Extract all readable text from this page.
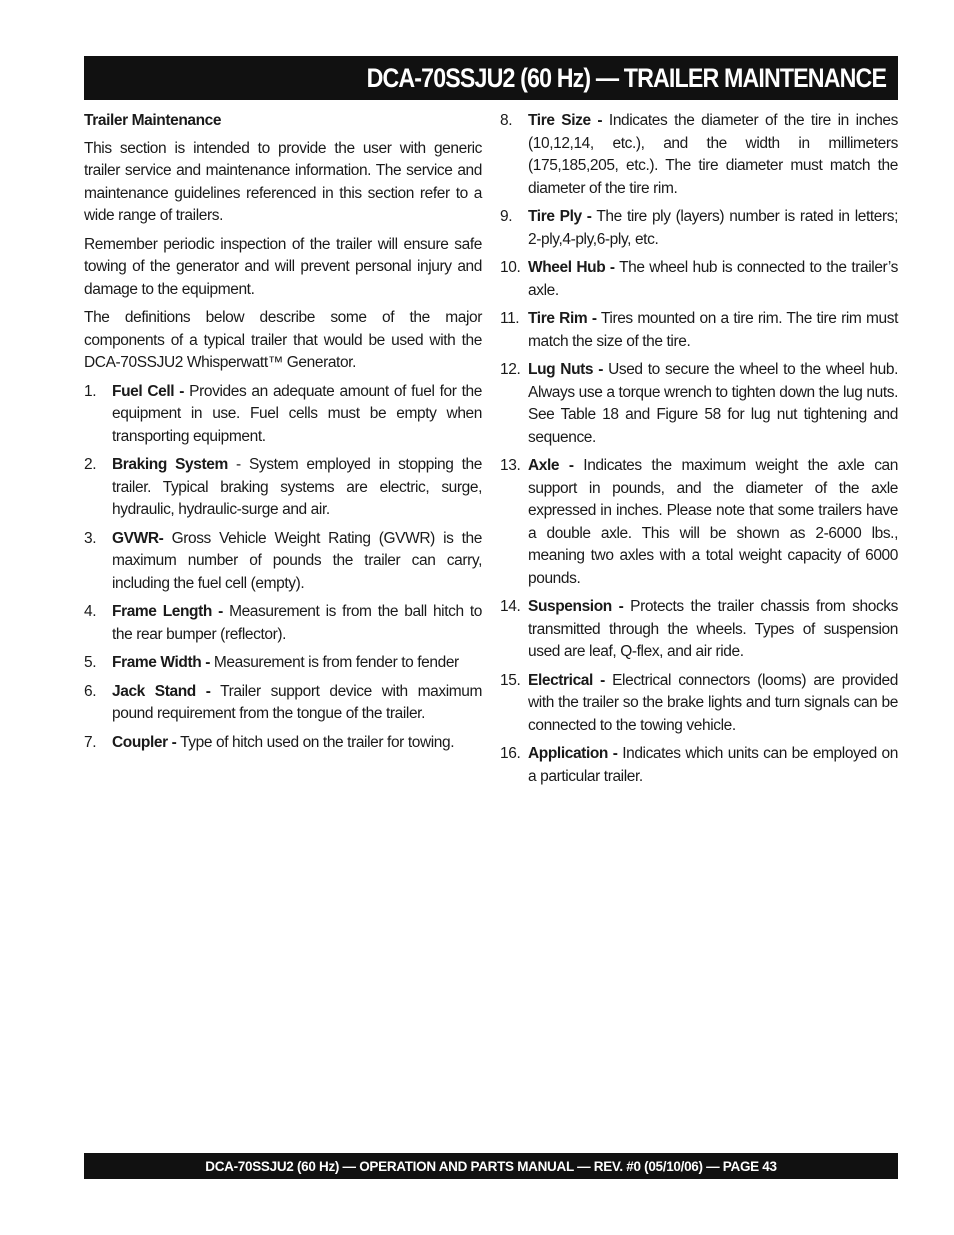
DCA-70SSJU2 (60 Hz) — TRAILER MAINTENANCE
Trailer Maintenance

This section is intended to provide the user with generic trailer service and maintenance information. The service and maintenance guidelines referenced in this section refer to a wide range of trailers.

Remember periodic inspection of the trailer will ensure safe towing of the generator and will prevent personal injury and damage to the equipment.

The definitions below describe some of the major components of a typical trailer that would be used with the DCA-70SSJU2 Whisperwatt™ Generator.

1.	Fuel Cell - Provides an adequate amount of fuel for the equipment in use. Fuel cells must be empty when transporting equipment.
2.	Braking System - System employed in stopping the trailer. Typical braking systems are electric, surge, hydraulic, hydraulic-surge and air.
3.	GVWR- Gross Vehicle Weight Rating (GVWR) is the maximum number of pounds the trailer can carry, including the fuel cell (empty).
4.	Frame Length - Measurement is from the ball hitch to the rear bumper (reflector).
5.	Frame Width - Measurement is from fender to fender
6.	Jack Stand - Trailer support device with maximum pound requirement from the tongue of the trailer.
7.	Coupler - Type of hitch used on the trailer for towing.
8.	Tire Size - Indicates the diameter of the tire in inches (10,12,14, etc.), and the width in millimeters (175,185,205, etc.). The tire diameter must match the diameter of the tire rim.
9.	Tire Ply - The tire ply (layers) number is rated in letters; 2-ply,4-ply,6-ply, etc.
10. Wheel Hub - The wheel hub is connected to the trailer’s axle.
11. Tire Rim - Tires mounted on a tire rim. The tire rim must match the size of the tire.
12. Lug Nuts - Used to secure the wheel to the wheel hub. Always use a torque wrench to tighten down the lug nuts. See Table 18 and Figure 58 for lug nut tightening and sequence.
13. Axle - Indicates the maximum weight the axle can support in pounds, and the diameter of the axle expressed in inches. Please note that some trailers have a double axle. This will be shown as 2-6000 lbs., meaning two axles with a total weight capacity of 6000 pounds.
14. Suspension - Protects the trailer chassis from shocks transmitted through the wheels. Types of suspension used are leaf, Q-flex, and air ride.
15. Electrical - Electrical connectors (looms) are provided with the trailer so the brake lights and turn signals can be connected to the towing vehicle.
16. Application - Indicates which units can be employed on a particular trailer.
DCA-70SSJU2 (60 Hz) — OPERATION AND PARTS MANUAL — REV. #0 (05/10/06) — PAGE 43
